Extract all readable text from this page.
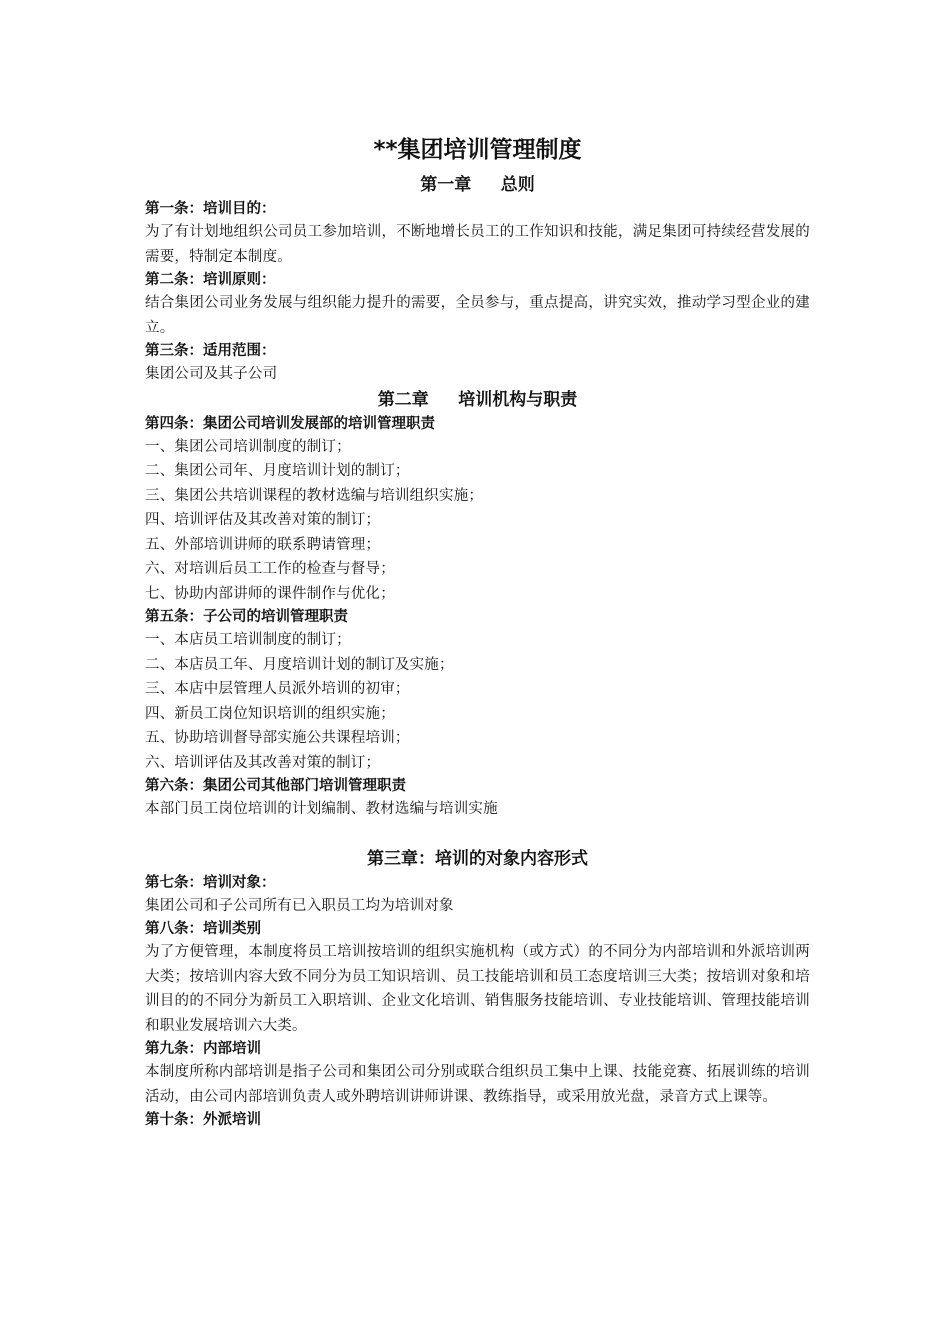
**集团培训管理制度
第一章     总则
第一条：培训目的：
为了有计划地组织公司员工参加培训，不断地增长员工的工作知识和技能，满足集团可持续经营发展的需要，特制定本制度。
第二条：培训原则：
结合集团公司业务发展与组织能力提升的需要，全员参与，重点提高，讲究实效，推动学习型企业的建立。
第三条：适用范围：
集团公司及其子公司
第二章     培训机构与职责
第四条：集团公司培训发展部的培训管理职责
一、集团公司培训制度的制订；
二、集团公司年、月度培训计划的制订；
三、集团公共培训课程的教材选编与培训组织实施；
四、培训评估及其改善对策的制订；
五、外部培训讲师的联系聘请管理；
六、对培训后员工工作的检查与督导；
七、协助内部讲师的课件制作与优化；
第五条：子公司的培训管理职责
一、本店员工培训制度的制订；
二、本店员工年、月度培训计划的制订及实施；
三、本店中层管理人员派外培训的初审；
四、新员工岗位知识培训的组织实施；
五、协助培训督导部实施公共课程培训；
六、培训评估及其改善对策的制订；
第六条：集团公司其他部门培训管理职责
本部门员工岗位培训的计划编制、教材选编与培训实施
第三章：培训的对象内容形式
第七条：培训对象：
集团公司和子公司所有已入职员工均为培训对象
第八条：培训类别
为了方便管理，本制度将员工培训按培训的组织实施机构（或方式）的不同分为内部培训和外派培训两大类；按培训内容大致不同分为员工知识培训、员工技能培训和员工态度培训三大类；按培训对象和培训目的的不同分为新员工入职培训、企业文化培训、销售服务技能培训、专业技能培训、管理技能培训和职业发展培训六大类。
第九条：内部培训
本制度所称内部培训是指子公司和集团公司分别或联合组织员工集中上课、技能竞赛、拓展训练的培训活动，由公司内部培训负责人或外聘培训讲师讲课、教练指导，或采用放光盘，录音方式上课等。
第十条：外派培训
